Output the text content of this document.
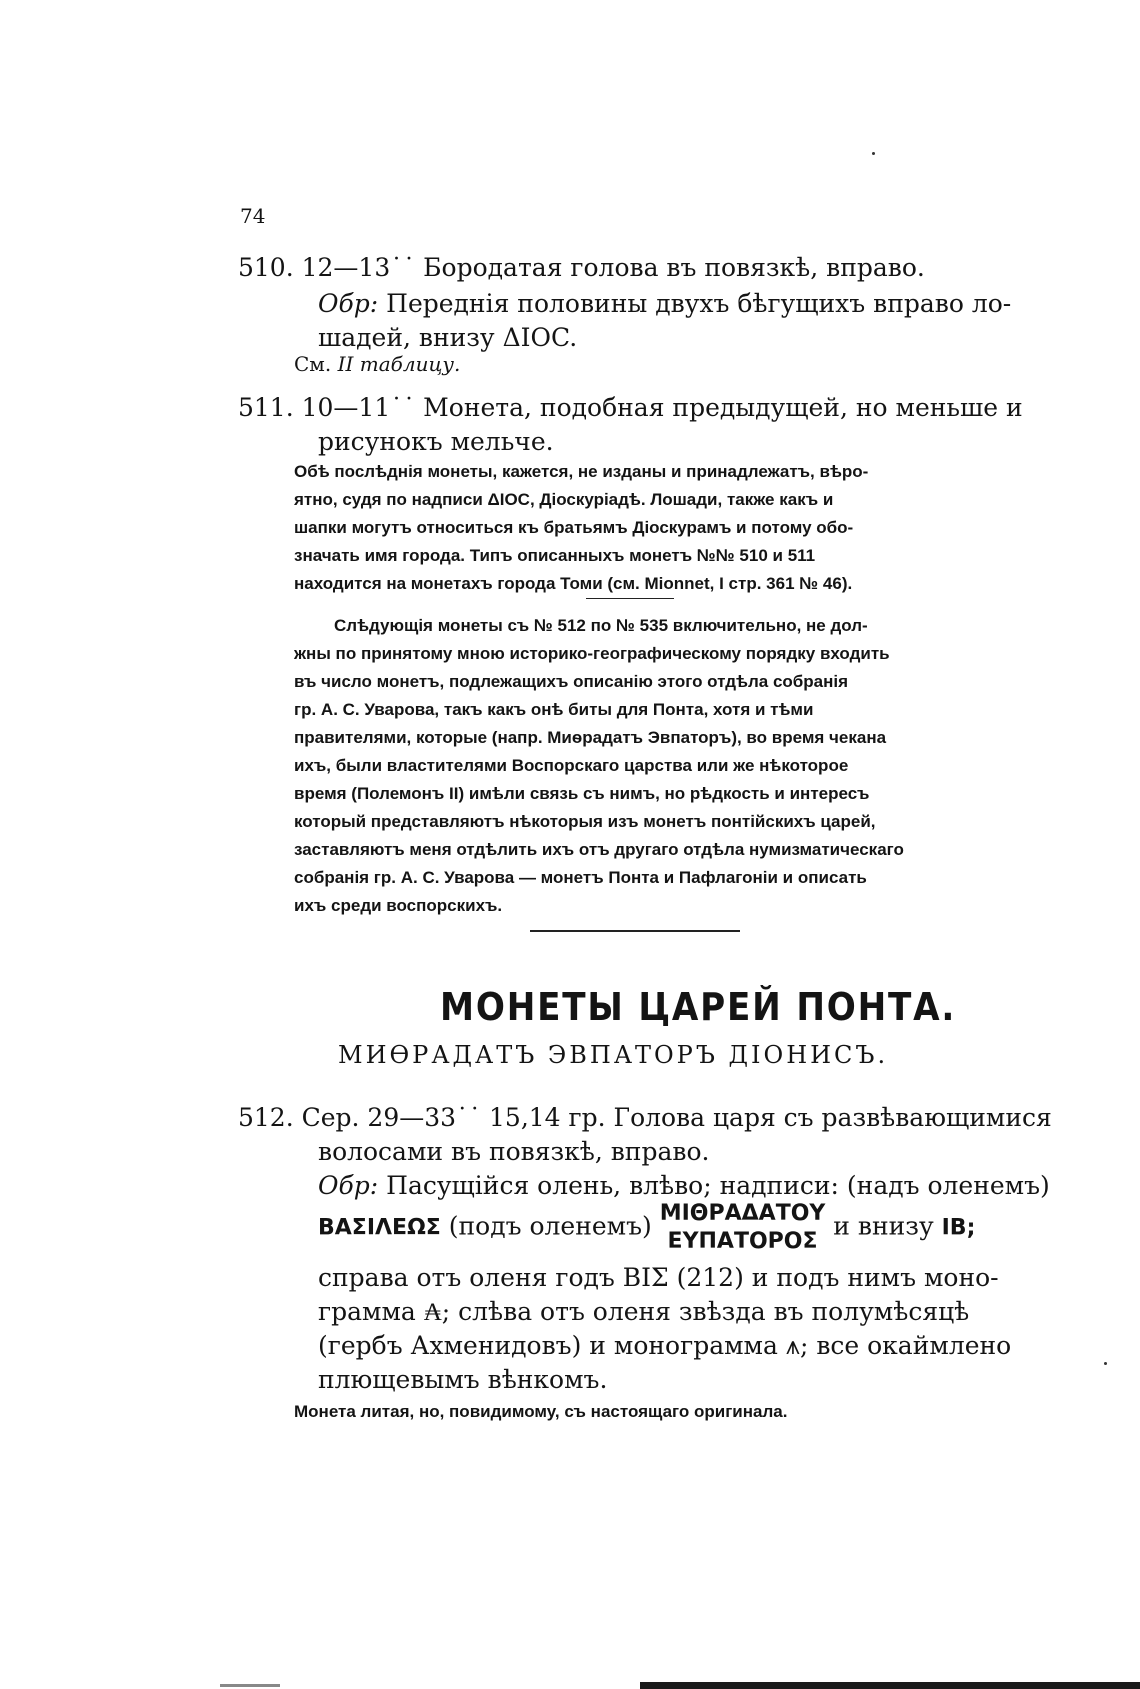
74
510. 12—13˙˙ Бородатая голова въ повязкѣ, вправо.
Обр: Переднія половины двухъ бѣгущихъ вправо ло-
шадей, внизу ΔΙΟC.
См. II таблицу.
511. 10—11˙˙ Монета, подобная предыдущей, но меньше и
рисунокъ мельче.
Обѣ послѣднія монеты, кажется, не изданы и принадлежатъ, вѣро-
ятно, судя по надписи ΔΙΟC, Діоскуріадѣ. Лошади, также какъ и
шапки могутъ относиться къ братьямъ Діоскурамъ и потому обо-
значать имя города. Типъ описанныхъ монетъ №№ 510 и 511
находится на монетахъ города Томи (см. Mionnet, I стр. 361 № 46).
Слѣдующія монеты съ № 512 по № 535 включительно, не дол-
жны по принятому мною историко-географическому порядку входить
въ число монетъ, подлежащихъ описанію этого отдѣла собранія
гр. А. С. Уварова, такъ какъ онѣ биты для Понта, хотя и тѣми
правителями, которые (напр. Миѳрадатъ Эвпаторъ), во время чекана
ихъ, были властителями Воспорскаго царства или же нѣкоторое
время (Полемонъ II) имѣли связь съ нимъ, но рѣдкость и интересъ
который представляютъ нѣкоторыя изъ монетъ понтійскихъ царей,
заставляютъ меня отдѣлить ихъ отъ другаго отдѣла нумизматическаго
собранія гр. А. С. Уварова — монетъ Понта и Пафлагоніи и описать
ихъ среди воспорскихъ.
МОНЕТЫ ЦАРЕЙ ПОНТА.
МИѲРАДАТЪ ЭВПАТОРЪ ДІОНИСЪ.
512. Сер. 29—33˙˙ 15,14 гр. Голова царя съ развѣвающимися
волосами въ повязкѣ, вправо.
Обр: Пасущійся олень, влѣво; надписи: (надъ оленемъ)
ΒΑΣΙΛΕΩΣ (подъ оленемъ) ΜΙΘΡΑΔΑΤΟΥ
ΕΥΠΑΤΟΡΟΣ
и внизу ΙΒ;
справа отъ оленя годъ ΒΙΣ (212) и подъ нимъ моно-
грамма ₳; слѣва отъ оленя звѣзда въ полумѣсяцѣ
(гербъ Ахменидовъ) и монограмма ⩚; все окаймлено
плющевымъ вѣнкомъ.
Монета литая, но, повидимому, съ настоящаго оригинала.
